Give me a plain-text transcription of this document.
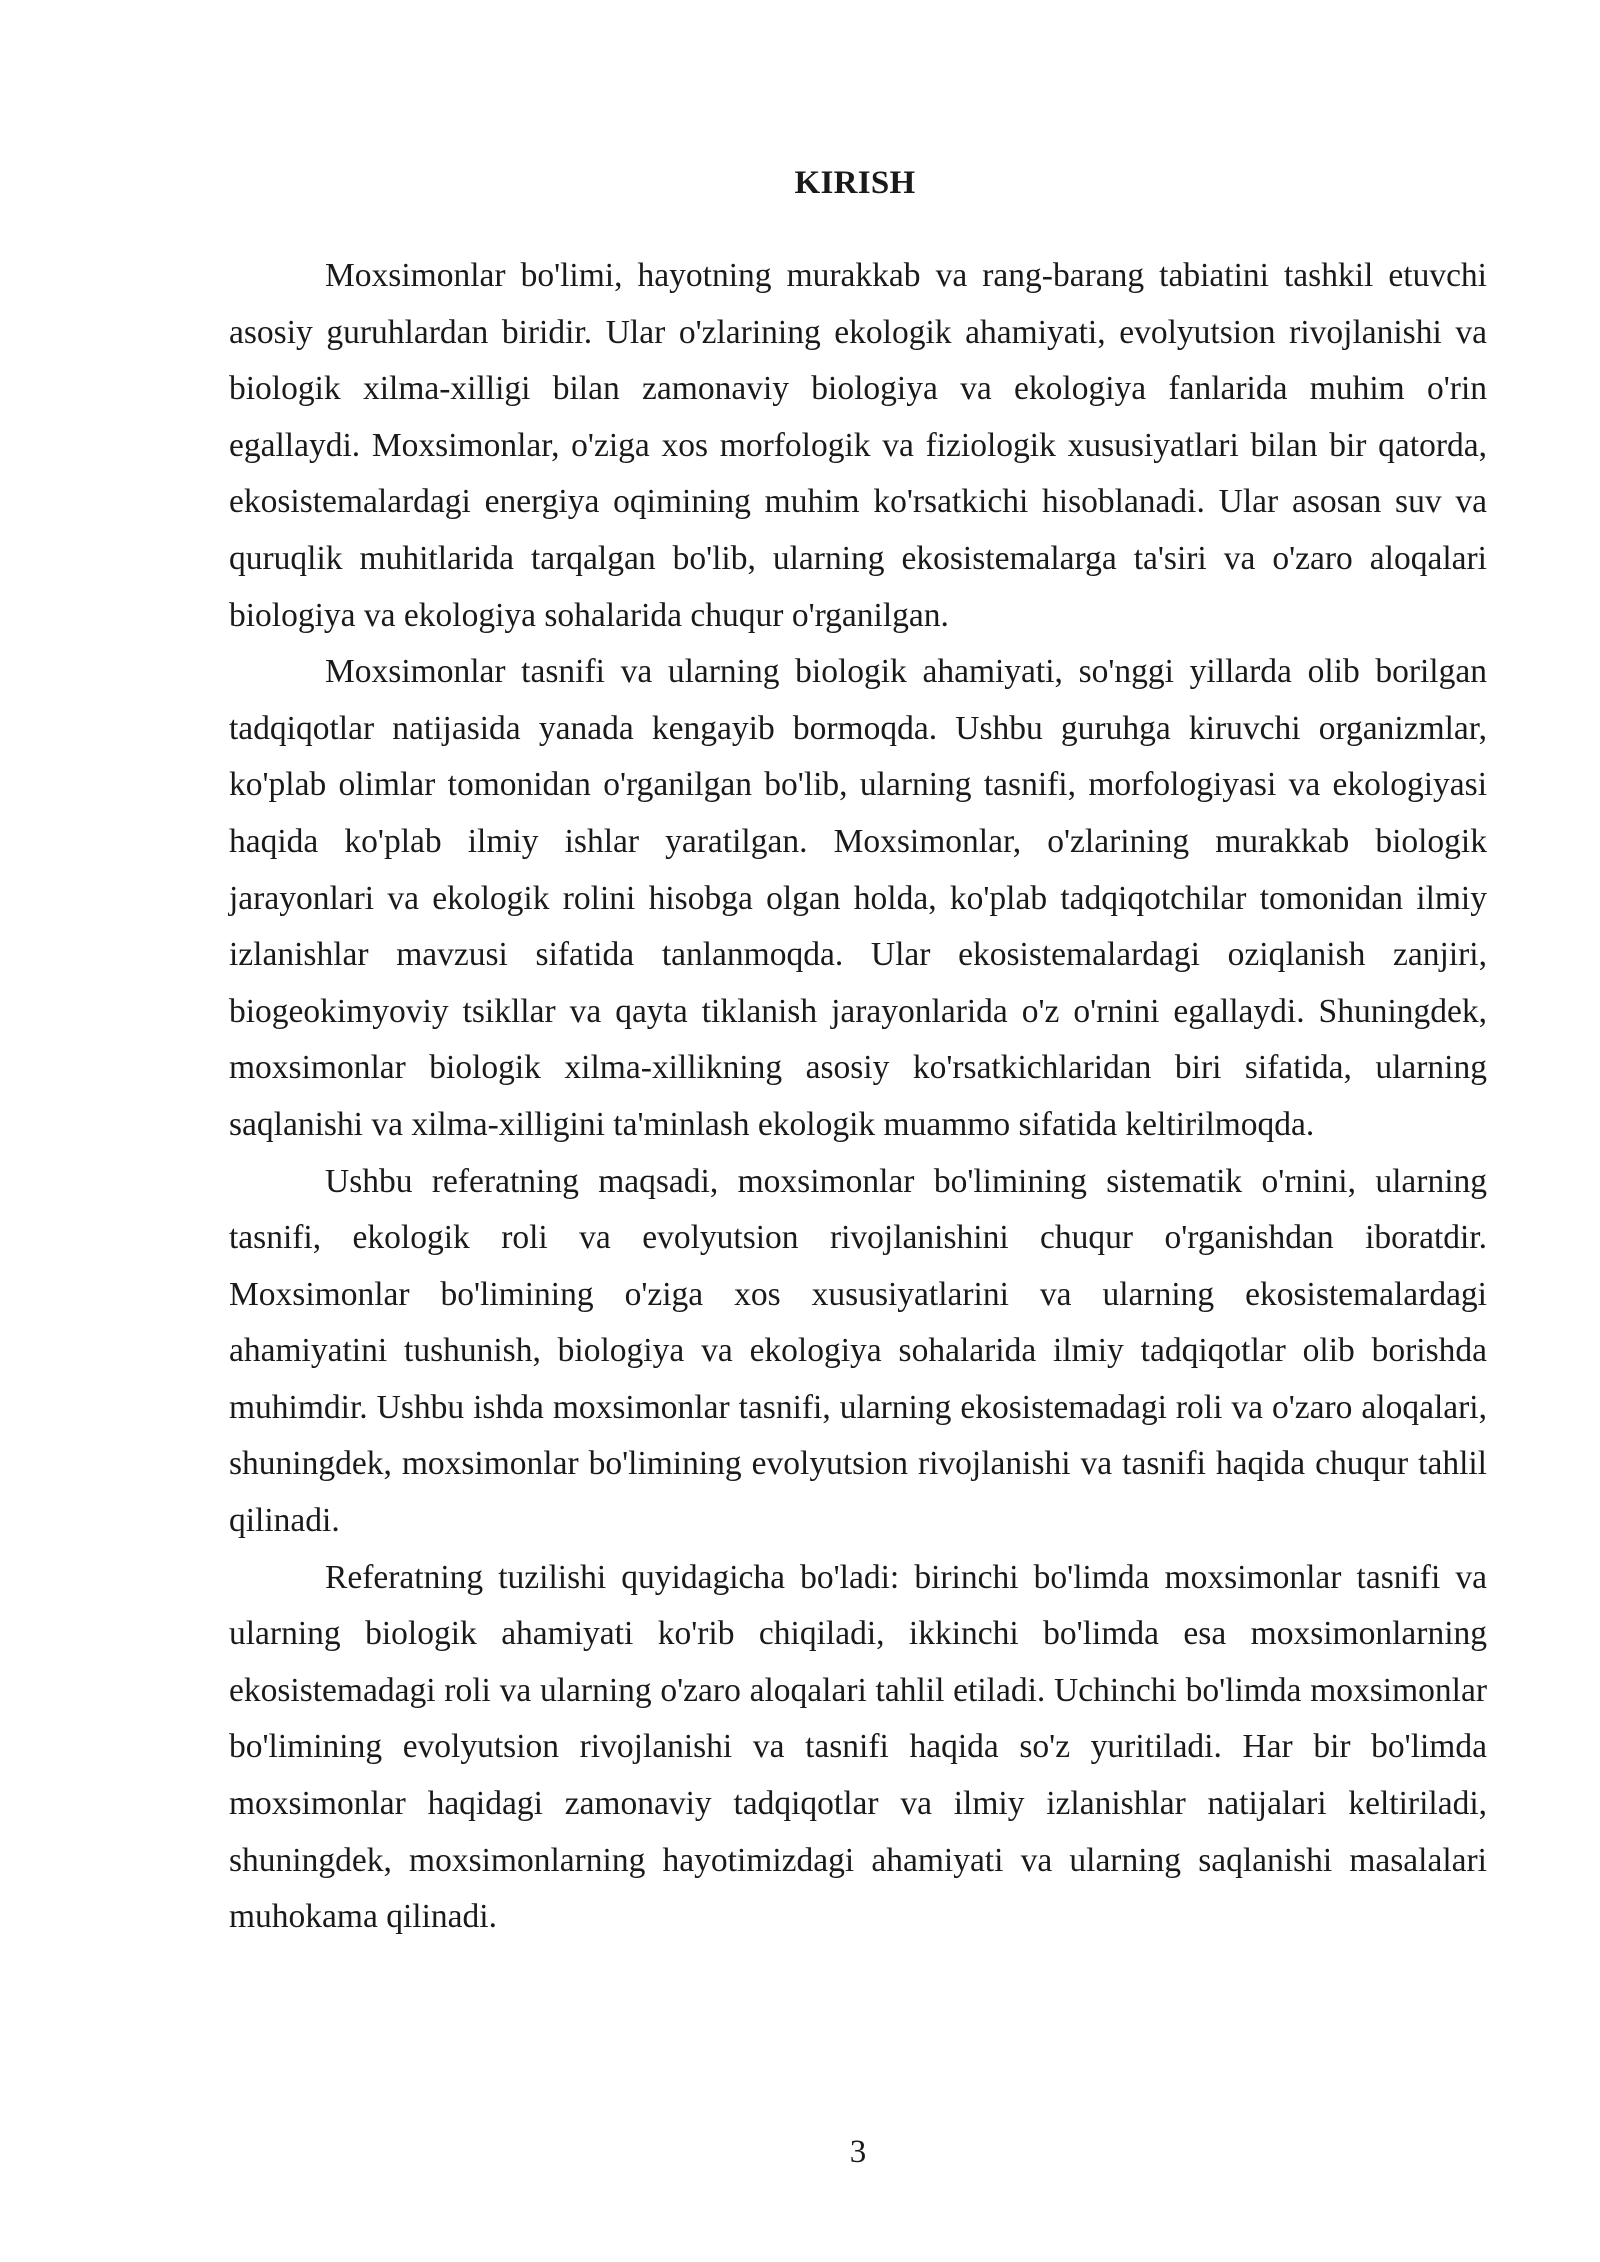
KIRISH

Moxsimonlar bo'limi, hayotning murakkab va rang-barang tabiatini tashkil etuvchi asosiy guruhlardan biridir. Ular o'zlarining ekologik ahamiyati, evolyutsion rivojlanishi va biologik xilma-xilligi bilan zamonaviy biologiya va ekologiya fanlarida muhim o'rin egallaydi. Moxsimonlar, o'ziga xos morfologik va fiziologik xususiyatlari bilan bir qatorda, ekosistemalardagi energiya oqimining muhim ko'rsatkichi hisoblanadi. Ular asosan suv va quruqlik muhitlarida tarqalgan bo'lib, ularning ekosistemalarga ta'siri va o'zaro aloqalari biologiya va ekologiya sohalarida chuqur o'rganilgan.

Moxsimonlar tasnifi va ularning biologik ahamiyati, so'nggi yillarda olib borilgan tadqiqotlar natijasida yanada kengayib bormoqda. Ushbu guruhga kiruvchi organizmlar, ko'plab olimlar tomonidan o'rganilgan bo'lib, ularning tasnifi, morfologiyasi va ekologiyasi haqida ko'plab ilmiy ishlar yaratilgan. Moxsimonlar, o'zlarining murakkab biologik jarayonlari va ekologik rolini hisobga olgan holda, ko'plab tadqiqotchilar tomonidan ilmiy izlanishlar mavzusi sifatida tanlanmoqda. Ular ekosistemalardagi oziqlanish zanjiri, biogeokimyoviy tsikllar va qayta tiklanish jarayonlarida o'z o'rnini egallaydi. Shuningdek, moxsimonlar biologik xilma-xillikning asosiy ko'rsatkichlaridan biri sifatida, ularning saqlanishi va xilma-xilligini ta'minlash ekologik muammo sifatida keltirilmoqda.

Ushbu referatning maqsadi, moxsimonlar bo'limining sistematik o'rnini, ularning tasnifi, ekologik roli va evolyutsion rivojlanishini chuqur o'rganishdan iboratdir. Moxsimonlar bo'limining o'ziga xos xususiyatlarini va ularning ekosistemalardagi ahamiyatini tushunish, biologiya va ekologiya sohalarida ilmiy tadqiqotlar olib borishda muhimdir. Ushbu ishda moxsimonlar tasnifi, ularning ekosistemadagi roli va o'zaro aloqalari, shuningdek, moxsimonlar bo'limining evolyutsion rivojlanishi va tasnifi haqida chuqur tahlil qilinadi.

Referatning tuzilishi quyidagicha bo'ladi: birinchi bo'limda moxsimonlar tasnifi va ularning biologik ahamiyati ko'rib chiqiladi, ikkinchi bo'limda esa moxsimonlarning ekosistemadagi roli va ularning o'zaro aloqalari tahlil etiladi. Uchinchi bo'limda moxsimonlar bo'limining evolyutsion rivojlanishi va tasnifi haqida so'z yuritiladi. Har bir bo'limda moxsimonlar haqidagi zamonaviy tadqiqotlar va ilmiy izlanishlar natijalari keltiriladi, shuningdek, moxsimonlarning hayotimizdagi ahamiyati va ularning saqlanishi masalalari muhokama qilinadi.

3
